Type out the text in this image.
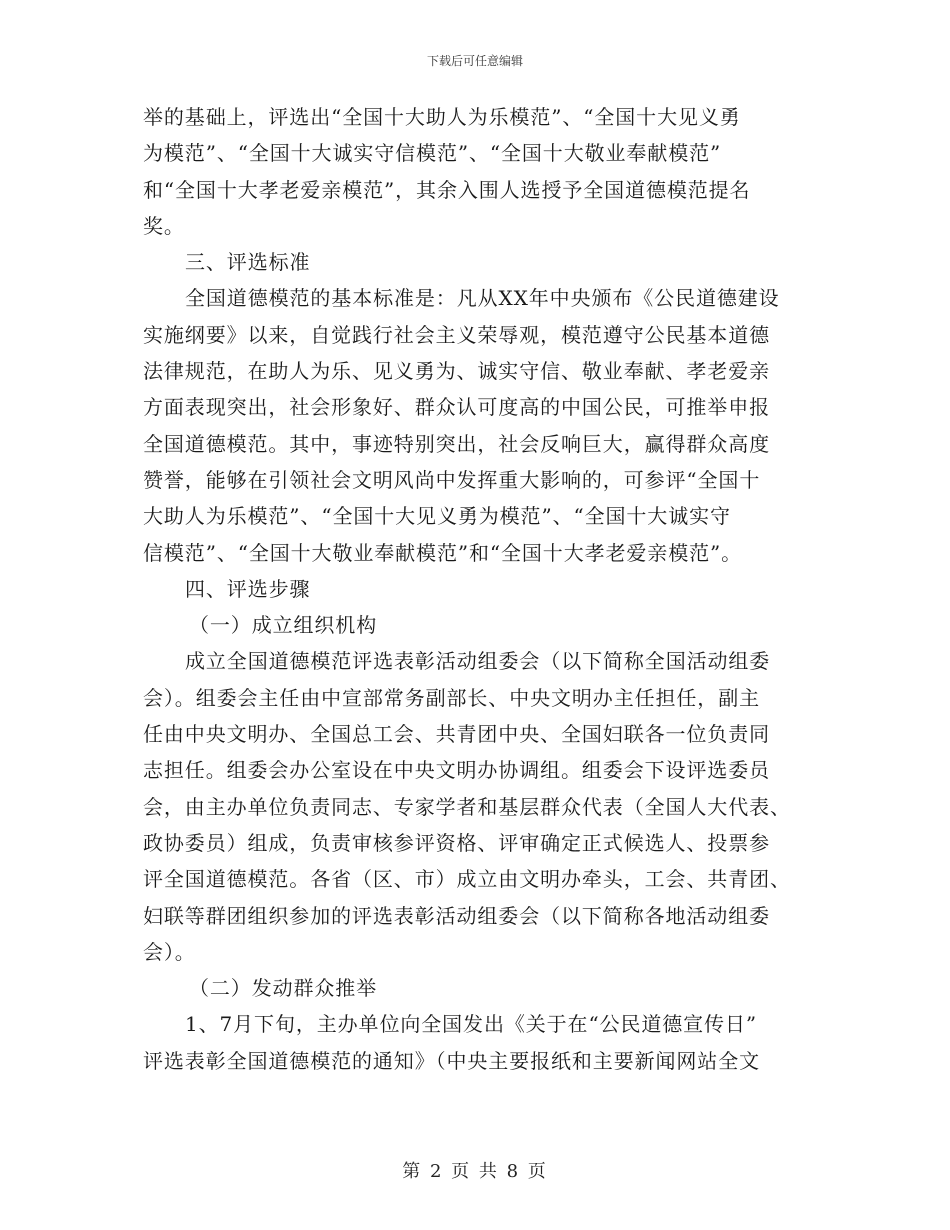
下载后可任意编辑
举的基础上，评选出“全国十大助人为乐模范”、“全国十大见义勇
为模范”、“全国十大诚实守信模范”、“全国十大敬业奉献模范”
和“全国十大孝老爱亲模范”，其余入围人选授予全国道德模范提名
奖。
三、评选标准
全国道德模范的基本标准是：凡从XX年中央颁布《公民道德建设
实施纲要》以来，自觉践行社会主义荣辱观，模范遵守公民基本道德
法律规范，在助人为乐、见义勇为、诚实守信、敬业奉献、孝老爱亲
方面表现突出，社会形象好、群众认可度高的中国公民，可推举申报
全国道德模范。其中，事迹特别突出，社会反响巨大，赢得群众高度
赞誉，能够在引领社会文明风尚中发挥重大影响的，可参评“全国十
大助人为乐模范”、“全国十大见义勇为模范”、“全国十大诚实守
信模范”、“全国十大敬业奉献模范”和“全国十大孝老爱亲模范”。
四、评选步骤
（一）成立组织机构
成立全国道德模范评选表彰活动组委会（以下简称全国活动组委
会）。组委会主任由中宣部常务副部长、中央文明办主任担任，副主
任由中央文明办、全国总工会、共青团中央、全国妇联各一位负责同
志担任。组委会办公室设在中央文明办协调组。组委会下设评选委员
会，由主办单位负责同志、专家学者和基层群众代表（全国人大代表、
政协委员）组成，负责审核参评资格、评审确定正式候选人、投票参
评全国道德模范。各省（区、市）成立由文明办牵头，工会、共青团、
妇联等群团组织参加的评选表彰活动组委会（以下简称各地活动组委
会）。
（二）发动群众推举
1、7月下旬，主办单位向全国发出《关于在“公民道德宣传日”
评选表彰全国道德模范的通知》（中央主要报纸和主要新闻网站全文
第 2 页 共 8 页
